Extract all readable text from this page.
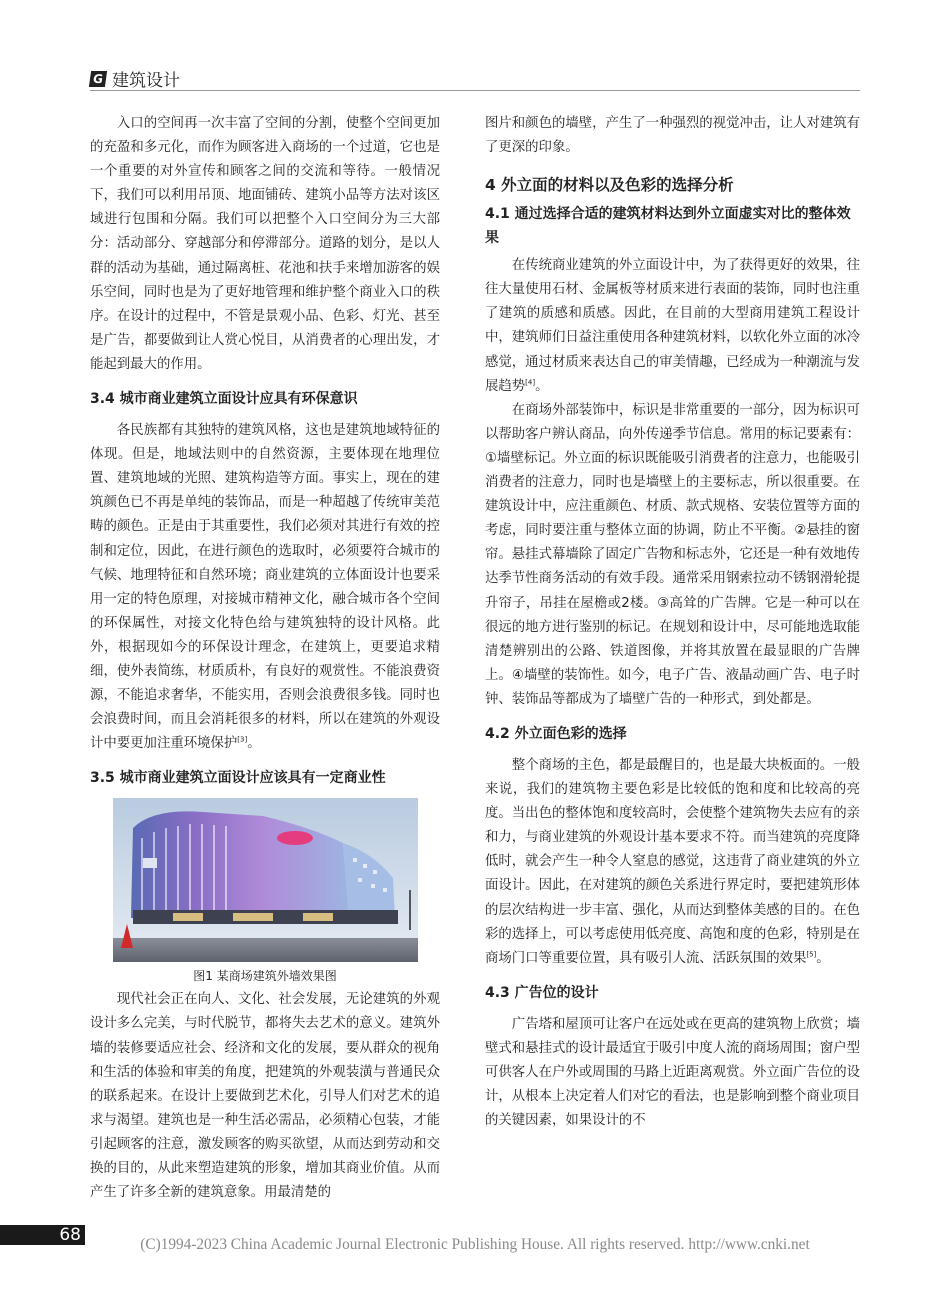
G 建筑设计

入口的空间再一次丰富了空间的分割，使整个空间更加的充盈和多元化，而作为顾客进入商场的一个过道，它也是一个重要的对外宣传和顾客之间的交流和等待。一般情况下，我们可以利用吊顶、地面铺砖、建筑小品等方法对该区域进行包围和分隔。我们可以把整个入口空间分为三大部分：活动部分、穿越部分和停滞部分。道路的划分，是以人群的活动为基础，通过隔离桩、花池和扶手来增加游客的娱乐空间，同时也是为了更好地管理和维护整个商业入口的秩序。在设计的过程中，不管是景观小品、色彩、灯光、甚至是广告，都要做到让人赏心悦目，从消费者的心理出发，才能起到最大的作用。

3.4 城市商业建筑立面设计应具有环保意识

各民族都有其独特的建筑风格，这也是建筑地域特征的体现。但是，地域法则中的自然资源，主要体现在地理位置、建筑地域的光照、建筑构造等方面。事实上，现在的建筑颜色已不再是单纯的装饰品，而是一种超越了传统审美范畴的颜色。正是由于其重要性，我们必须对其进行有效的控制和定位，因此，在进行颜色的选取时，必须要符合城市的气候、地理特征和自然环境；商业建筑的立体面设计也要采用一定的特色原理，对接城市精神文化，融合城市各个空间的环保属性，对接文化特色给与建筑独特的设计风格。此外，根据现如今的环保设计理念，在建筑上，更要追求精细，使外表简练，材质质朴，有良好的观赏性。不能浪费资源，不能追求奢华，不能实用，否则会浪费很多钱。同时也会浪费时间，而且会消耗很多的材料，所以在建筑的外观设计中要更加注重环境保护[3]。

3.5 城市商业建筑立面设计应该具有一定商业性
图1 某商场建筑外墙效果图

现代社会正在向人、文化、社会发展，无论建筑的外观设计多么完美，与时代脱节，都将失去艺术的意义。建筑外墙的装修要适应社会、经济和文化的发展，要从群众的视角和生活的体验和审美的角度，把建筑的外观装潢与普通民众的联系起来。在设计上要做到艺术化，引导人们对艺术的追求与渴望。建筑也是一种生活必需品，必须精心包装，才能引起顾客的注意，激发顾客的购买欲望，从而达到劳动和交换的目的，从此来塑造建筑的形象，增加其商业价值。从而产生了许多全新的建筑意象。用最清楚的

图片和颜色的墙壁，产生了一种强烈的视觉冲击，让人对建筑有了更深的印象。

4 外立面的材料以及色彩的选择分析
4.1 通过选择合适的建筑材料达到外立面虚实对比的整体效果

在传统商业建筑的外立面设计中，为了获得更好的效果，往往大量使用石材、金属板等材质来进行表面的装饰，同时也注重了建筑的质感和质感。因此，在目前的大型商用建筑工程设计中，建筑师们日益注重使用各种建筑材料，以软化外立面的冰冷感觉，通过材质来表达自己的审美情趣，已经成为一种潮流与发展趋势[4]。

在商场外部装饰中，标识是非常重要的一部分，因为标识可以帮助客户辨认商品，向外传递季节信息。常用的标记要素有：①墙壁标记。外立面的标识既能吸引消费者的注意力，也能吸引消费者的注意力，同时也是墙壁上的主要标志，所以很重要。在建筑设计中，应注重颜色、材质、款式规格、安装位置等方面的考虑，同时要注重与整体立面的协调，防止不平衡。②悬挂的窗帘。悬挂式幕墙除了固定广告物和标志外，它还是一种有效地传达季节性商务活动的有效手段。通常采用钢索拉动不锈钢滑轮提升帘子，吊挂在屋檐或2楼。③高耸的广告牌。它是一种可以在很远的地方进行鉴别的标记。在规划和设计中，尽可能地选取能清楚辨别出的公路、铁道图像，并将其放置在最显眼的广告牌上。④墙壁的装饰性。如今，电子广告、液晶动画广告、电子时钟、装饰品等都成为了墙壁广告的一种形式，到处都是。

4.2 外立面色彩的选择

整个商场的主色，都是最醒目的，也是最大块板面的。一般来说，我们的建筑物主要色彩是比较低的饱和度和比较高的亮度。当出色的整体饱和度较高时，会使整个建筑物失去应有的亲和力，与商业建筑的外观设计基本要求不符。而当建筑的亮度降低时，就会产生一种令人窒息的感觉，这违背了商业建筑的外立面设计。因此，在对建筑的颜色关系进行界定时，要把建筑形体的层次结构进一步丰富、强化，从而达到整体美感的目的。在色彩的选择上，可以考虑使用低亮度、高饱和度的色彩，特别是在商场门口等重要位置，具有吸引人流、活跃氛围的效果[5]。

4.3 广告位的设计

广告塔和屋顶可让客户在远处或在更高的建筑物上欣赏；墙壁式和悬挂式的设计最适宜于吸引中度人流的商场周围；窗户型可供客人在户外或周围的马路上近距离观赏。外立面广告位的设计，从根本上决定着人们对它的看法，也是影响到整个商业项目的关键因素，如果设计的不

68	(C)1994-2023 China Academic Journal Electronic Publishing House. All rights reserved. http://www.cnki.net
